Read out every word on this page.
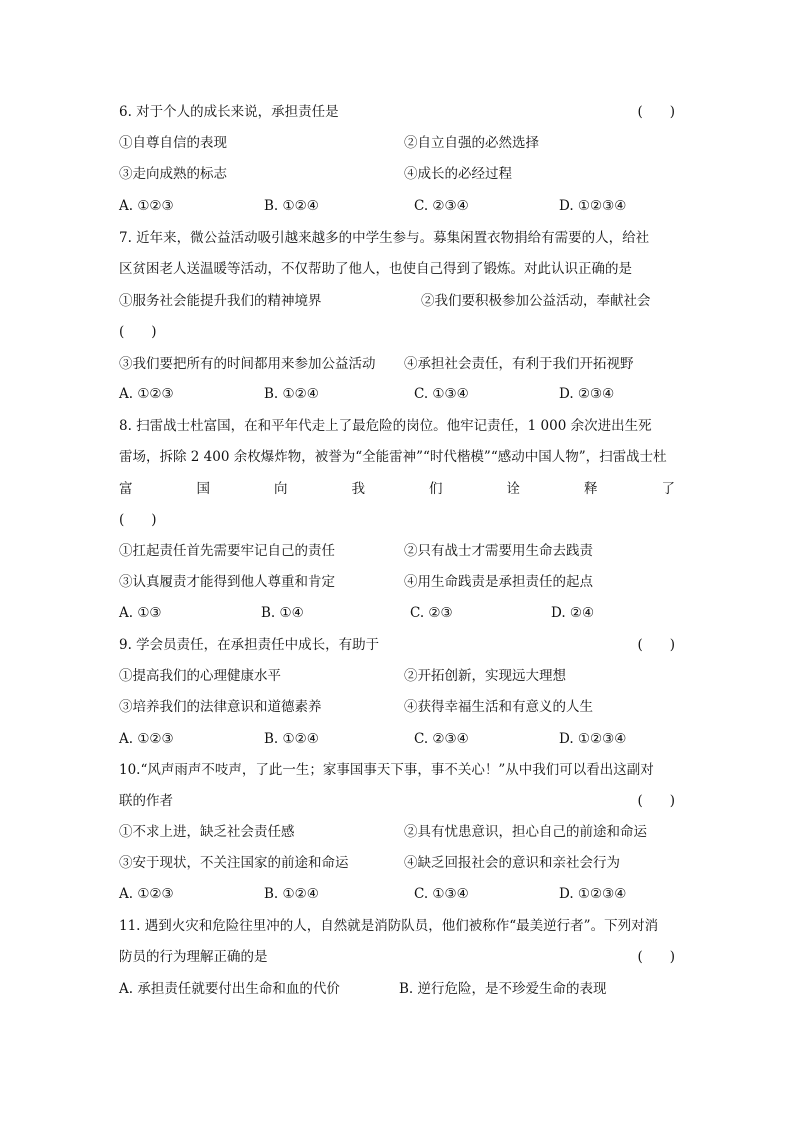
6. 对于个人的成长来说，承担责任是	(　　)
①自尊自信的表现	②自立自强的必然选择
③走向成熟的标志	④成长的必经过程
A. ①②③	B. ①②④	C. ②③④	D. ①②③④
7. 近年来，微公益活动吸引越来越多的中学生参与。募集闲置衣物捐给有需要的人，给社
区贫困老人送温暖等活动，不仅帮助了他人，也使自己得到了锻炼。对此认识正确的是
①服务社会能提升我们的精神境界	②我们要积极参加公益活动，奉献社会
(　　)
③我们要把所有的时间都用来参加公益活动 ④承担社会责任，有利于我们开拓视野
A. ①②③	B. ①②④	C. ①③④	D. ②③④
8. 扫雷战士杜富国，在和平年代走上了最危险的岗位。他牢记责任，1 000 余次进出生死
雷场，拆除 2 400 余枚爆炸物，被誉为“全能雷神”“时代楷模”“感动中国人物”，扫雷战士杜
富	国	向	我	们	诠	释	了
(　　)
①扛起责任首先需要牢记自己的责任	②只有战士才需要用生命去践责
③认真履责才能得到他人尊重和肯定	④用生命践责是承担责任的起点
A. ①③	B. ①④	C. ②③	D. ②④
9. 学会员责任，在承担责任中成长，有助于	(　　)
①提高我们的心理健康水平	②开拓创新，实现远大理想
③培养我们的法律意识和道德素养	④获得幸福生活和有意义的人生
A. ①②③	B. ①②④	C. ②③④	D. ①②③④
10.“风声雨声不吱声，了此一生；家事国事天下事，事不关心！”从中我们可以看出这副对
联的作者	(　　)
①不求上进，缺乏社会责任感	②具有忧患意识，担心自己的前途和命运
③安于现状，不关注国家的前途和命运	④缺乏回报社会的意识和亲社会行为
A. ①②③	B. ①②④	C. ①③④	D. ①②③④
11. 遇到火灾和危险往里冲的人，自然就是消防队员，他们被称作“最美逆行者”。下列对消
防员的行为理解正确的是	(　　)
A. 承担责任就要付出生命和血的代价	B. 逆行危险，是不珍爱生命的表现
